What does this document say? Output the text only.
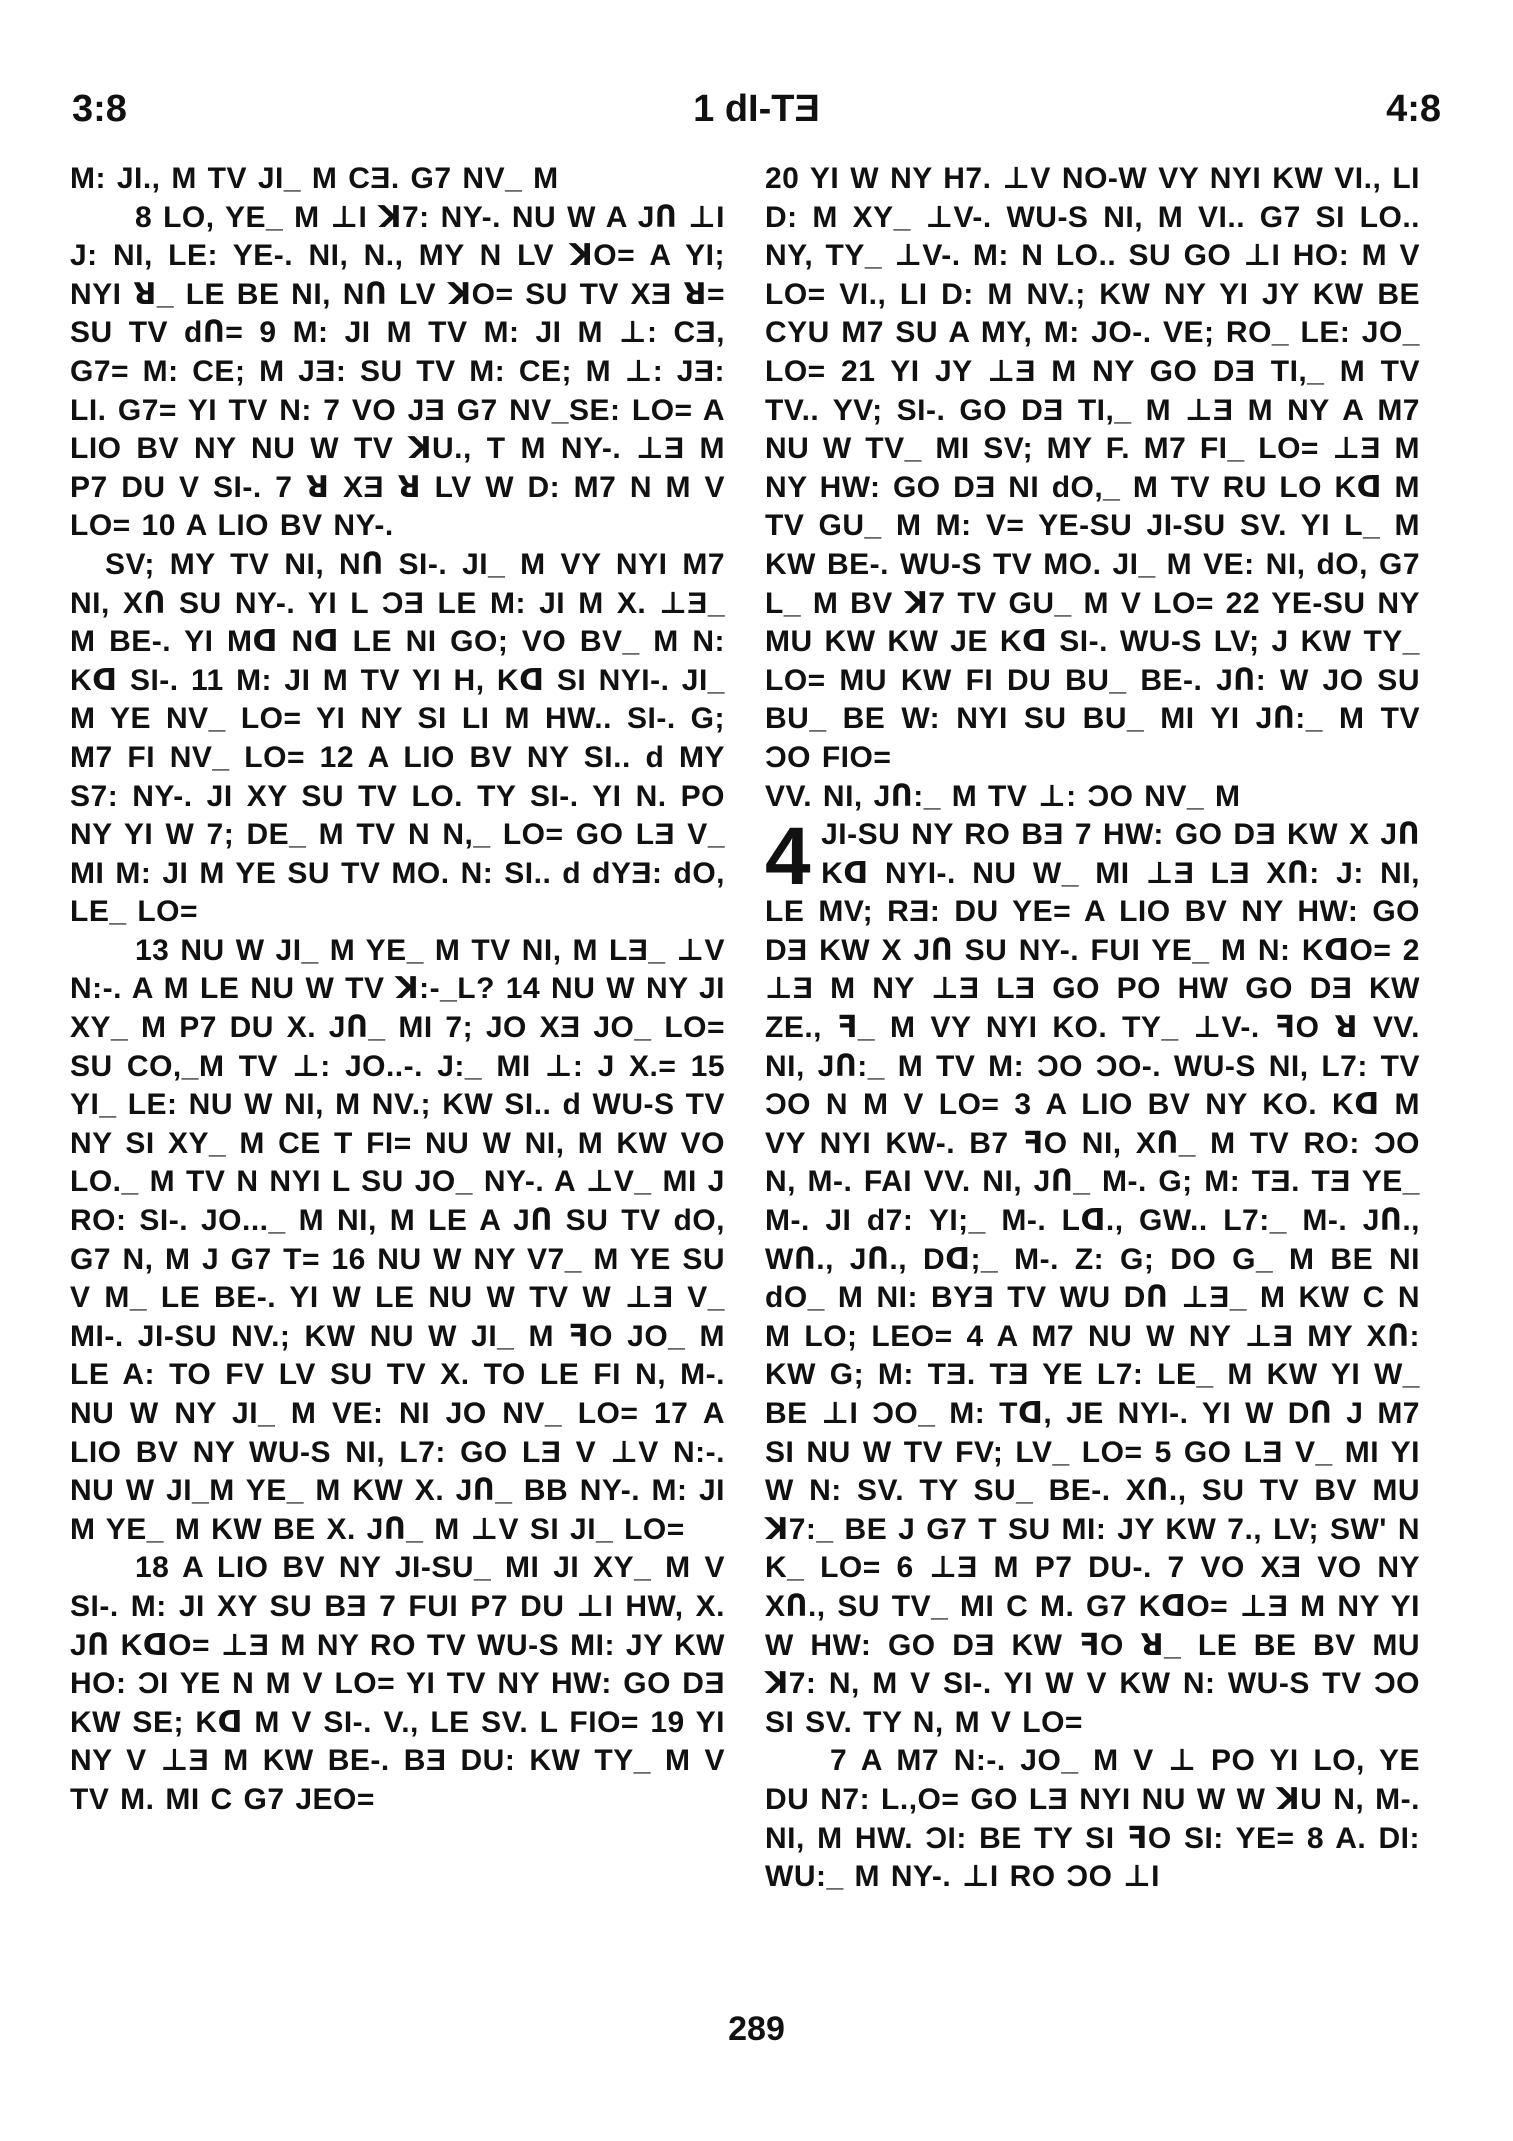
3:8	1 dI-TƎ	4:8

M: JI., M TV JI_ M CƎ. G7 NV_ M

8 LO, YE_ M ⊥I ꓘ7: NY-. NU W A JՈ ⊥I J: NI, LE: YE-. NI, N., MY N LV ꓘO= A YI; NYI ꓤ_ LE BE NI, NՈ LV ꓘO= SU TV XƎ ꓤ= SU TV dՈ= 9 M: JI M TV M: JI M ⊥: CƎ, G7= M: CE; M JƎ: SU TV M: CE; M ⊥: JƎ: LI. G7= YI TV N: 7 VO JƎ G7 NV_SE: LO= A LIO BV NY NU W TV ꓘU., T M NY-. ⊥Ǝ M P7 DU V SI-. 7 ꓤ XƎ ꓤ LV W D: M7 N M V LO= 10 A LIO BV NY-.

SV; MY TV NI, NՈ SI-. JI_ M VY NYI M7 NI, XՈ SU NY-. YI L ƆƎ LE M: JI M X. ⊥Ǝ_ M BE-. YI Mᗡ Nᗡ LE NI GO; VO BV_ M N: Kᗡ SI-. 11 M: JI M TV YI H, Kᗡ SI NYI-. JI_ M YE NV_ LO= YI NY SI LI M HW.. SI-. G; M7 FI NV_ LO= 12 A LIO BV NY SI.. ԁ MY S7: NY-. JI XY SU TV LO. TY SI-. YI N. PO NY YI W 7; DE_ M TV N N,_ LO= GO LƎ V_ MI M: JI M YE SU TV MO. N: SI.. ԁ dYƎ: dO, LE_ LO=

13 NU W JI_ M YE_ M TV NI, M LƎ_ ⊥V N:-. A M LE NU W TV ꓘ:-_L? 14 NU W NY JI XY_ M P7 DU X. JՈ_ MI 7; JO XƎ JO_ LO= SU CO,_M TV ⊥: JO..-. J:_ MI ⊥: J X.= 15 YI_ LE: NU W NI, M NV.; KW SI.. ԁ WU-S TV NY SI XY_ M CE T FI= NU W NI, M KW VO LO._ M TV N NYI L SU JO_ NY-. A ⊥V_ MI J RO: SI-. JO..._ M NI, M LE A JՈ SU TV dO, G7 N, M J G7 T= 16 NU W NY V7_ M YE SU V M_ LE BE-. YI W LE NU W TV W ⊥Ǝ V_ MI-. JI-SU NV.; KW NU W JI_ M ꟻO JO_ M LE A: TO FV LV SU TV X. TO LE FI N, M-. NU W NY JI_ M VE: NI JO NV_ LO= 17 A LIO BV NY WU-S NI, L7: GO LƎ V ⊥V N:-. NU W JI_M YE_ M KW X. JՈ_ BB NY-. M: JI M YE_ M KW BE X. JՈ_ M ⊥V SI JI_ LO=

18 A LIO BV NY JI-SU_ MI JI XY_ M V SI-. M: JI XY SU BƎ 7 FUI P7 DU ⊥I HW, X. JՈ KᗡO= ⊥Ǝ M NY RO TV WU-S MI: JY KW HO: ƆI YE N M V LO= YI TV NY HW: GO DƎ KW SE; Kᗡ M V SI-. V., LE SV. L FIO= 19 YI NY V ⊥Ǝ M KW BE-. BƎ DU: KW TY_ M V TV M. MI C G7 JEO=

20 YI W NY H7. ⊥V NO-W VY NYI KW VI., LI D: M XY_ ⊥V-. WU-S NI, M VI.. G7 SI LO.. NY, TY_ ⊥V-. M: N LO.. SU GO ⊥I HO: M V LO= VI., LI D: M NV.; KW NY YI JY KW BE CYU M7 SU A MY, M: JO-. VE; RO_ LE: JO_ LO= 21 YI JY ⊥Ǝ M NY GO DƎ TI,_ M TV TV.. YV; SI-. GO DƎ TI,_ M ⊥Ǝ M NY A M7 NU W TV_ MI SV; MY F. M7 FI_ LO= ⊥Ǝ M NY HW: GO DƎ NI dO,_ M TV RU LO Kᗡ M TV GU_ M M: V= YE-SU JI-SU SV. YI L_ M KW BE-. WU-S TV MO. JI_ M VE: NI, dO, G7 L_ M BV ꓘ7 TV GU_ M V LO= 22 YE-SU NY MU KW KW JE Kᗡ SI-. WU-S LV; J KW TY_ LO= MU KW FI DU BU_ BE-. JՈ: W JO SU BU_ BE W: NYI SU BU_ MI YI JՈ:_ M TV ƆO FIO=

VV. NI, JՈ:_ M TV ⊥: ƆO NV_ M

4 JI-SU NY RO BƎ 7 HW: GO DƎ KW X JՈ Kᗡ NYI-. NU W_ MI ⊥Ǝ LƎ XՈ: J: NI, LE MV; RƎ: DU YE= A LIO BV NY HW: GO DƎ KW X JՈ SU NY-. FUI YE_ M N: KᗡO= 2 ⊥Ǝ M NY ⊥Ǝ LƎ GO PO HW GO DƎ KW ZE., ꟻ_ M VY NYI KO. TY_ ⊥V-. ꟻO ꓤ VV. NI, JՈ:_ M TV M: ƆO ƆO-. WU-S NI, L7: TV ƆO N M V LO= 3 A LIO BV NY KO. Kᗡ M VY NYI KW-. B7 ꟻO NI, XՈ_ M TV RO: ƆO N, M-. FAI VV. NI, JՈ_ M-. G; M: TƎ. TƎ YE_ M-. JI ԁ7: YI;_ M-. Lᗡ., GW.. L7:_ M-. JՈ., WՈ., JՈ., Dᗡ;_ M-. Z: G; DO G_ M BE NI dO_ M NI: BYƎ TV WU DՈ ⊥Ǝ_ M KW C N M LO; LEO= 4 A M7 NU W NY ⊥Ǝ MY XՈ: KW G; M: TƎ. TƎ YE L7: LE_ M KW YI W_ BE ⊥I ƆO_ M: Tᗡ, JE NYI-. YI W DՈ J M7 SI NU W TV FV; LV_ LO= 5 GO LƎ V_ MI YI W N: SV. TY SU_ BE-. XՈ., SU TV BV MU ꓘ7:_ BE J G7 T SU MI: JY KW 7., LV; SW' N K_ LO= 6 ⊥Ǝ M P7 DU-. 7 VO XƎ VO NY XՈ., SU TV_ MI C M. G7 KᗡO= ⊥Ǝ M NY YI W HW: GO DƎ KW ꟻO ꓤ_ LE BE BV MU ꓘ7: N, M V SI-. YI W V KW N: WU-S TV ƆO SI SV. TY N, M V LO=

7 A M7 N:-. JO_ M V ⊥ PO YI LO, YE DU N7: L.,O= GO LƎ NYI NU W W ꓘU N, M-. NI, M HW. ƆI: BE TY SI ꟻO SI: YE= 8 A. DI: WU:_ M NY-. ⊥I RO ƆO ⊥I

289
